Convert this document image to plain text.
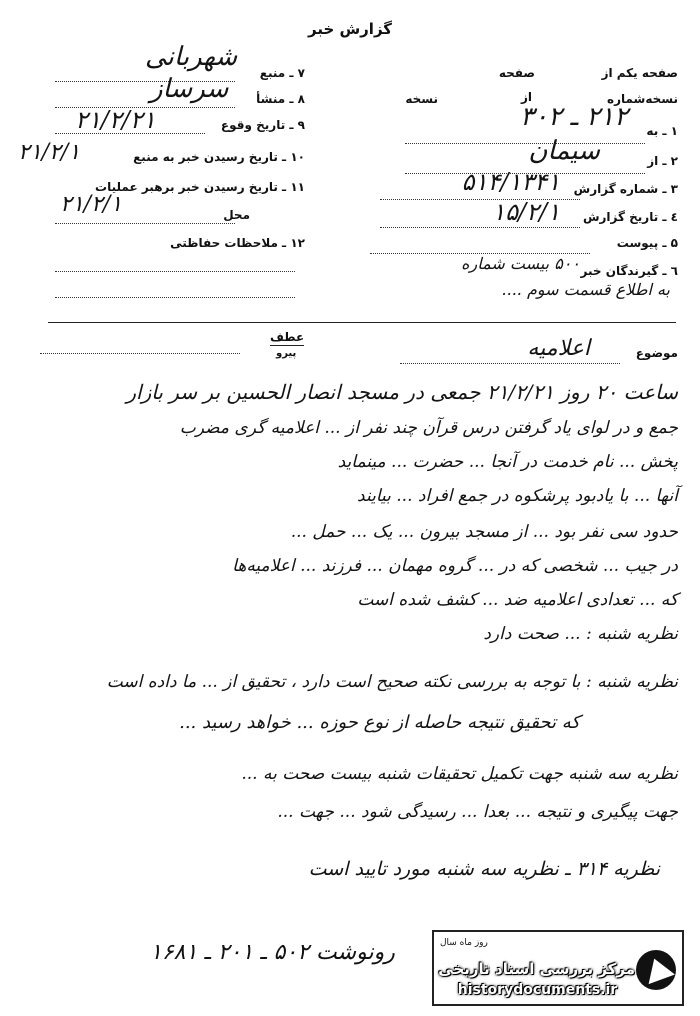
گزارش خبر
صفحه یکم از
صفحه
نسخه‌شماره
از
نسخه
۱ ـ به
۲۱۲ ـ ۳۰۲
۲ ـ از
سیمان
۳ ـ شماره گزارش
۵۱۴/۱۳۴۱
٤ ـ تاریخ گزارش
۱۵/۲/۱
۵ ـ پیوست
٦ ـ گیرندگان خبر
۵۰۰ بیست شماره
به اطلاع قسمت سوم ....
۷ ـ منبع
شهربانی
۸ ـ منشأ
سرساز
۹ ـ تاریخ وقوع
۲۱/۲/۲۱
۱۰ ـ تاریخ رسیدن خبر به منبع
۲۱/۲/۱
۱۱ ـ تاریخ رسیدن خبر برهبر عملیات
۲۱/۲/۱	محل
۱۲ ـ ملاحظات حفاظتی
عطف
پیرو	موضوع
اعلامیه
ساعت ۲۰ روز ۲۱/۲/۲۱ جمعی در مسجد انصار الحسین بر سر بازار
جمع و در لوای یاد گرفتن درس قرآن چند نفر از ... اعلامیه گری مضرب
پخش ... نام خدمت در آنجا ... حضرت ... مینماید
آنها ... با یادبود پرشکوه در جمع افراد ... بیایند
حدود سی نفر بود ... از مسجد بیرون ... یک ... حمل ...
در جیب ... شخصی که در ... گروه مهمان ... فرزند ... اعلامیه‌ها
که ... تعدادی اعلامیه ضد ... کشف شده است
نظریه شنبه : ... صحت دارد
نظریه شنبه : با توجه به بررسی نکته صحیح است دارد ، تحقیق از ... ما داده است
که تحقیق نتیجه حاصله از نوع حوزه ... خواهد رسید ...
نظریه سه شنبه جهت تکمیل تحقیقات شنبه بیست صحت به ...
جهت پیگیری و نتیجه ... بعدا ... رسیدگی شود ... جهت ...
نظریه ۳۱۴ ـ نظریه سه شنبه مورد تایید است
رونوشت ۵۰۲ ـ ۲۰۱ ـ ۱۶۸۱	روز ماه سال
مرکز بررسی اسناد تاریخی
historydocuments.ir
